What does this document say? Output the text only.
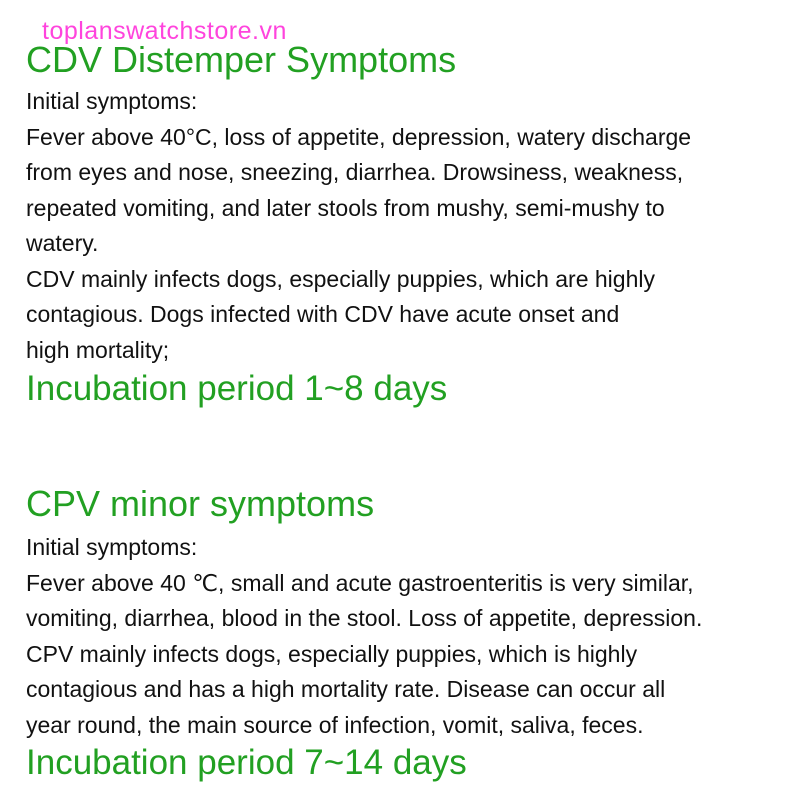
toplanswatchstore.vn
CDV Distemper Symptoms
Initial symptoms:
Fever above 40°C, loss of appetite, depression, watery discharge
from eyes and nose, sneezing, diarrhea. Drowsiness, weakness,
repeated vomiting, and later stools from mushy, semi-mushy to
watery.
CDV mainly infects dogs, especially puppies, which are highly
contagious. Dogs infected with CDV have acute onset and
high mortality;
Incubation period 1~8 days
CPV minor symptoms
Initial symptoms:
Fever above 40 ℃, small and acute gastroenteritis is very similar,
vomiting, diarrhea, blood in the stool. Loss of appetite, depression.
CPV mainly infects dogs, especially puppies, which is highly
contagious and has a high mortality rate. Disease can occur all
year round, the main source of infection, vomit, saliva, feces.
Incubation period 7~14 days
